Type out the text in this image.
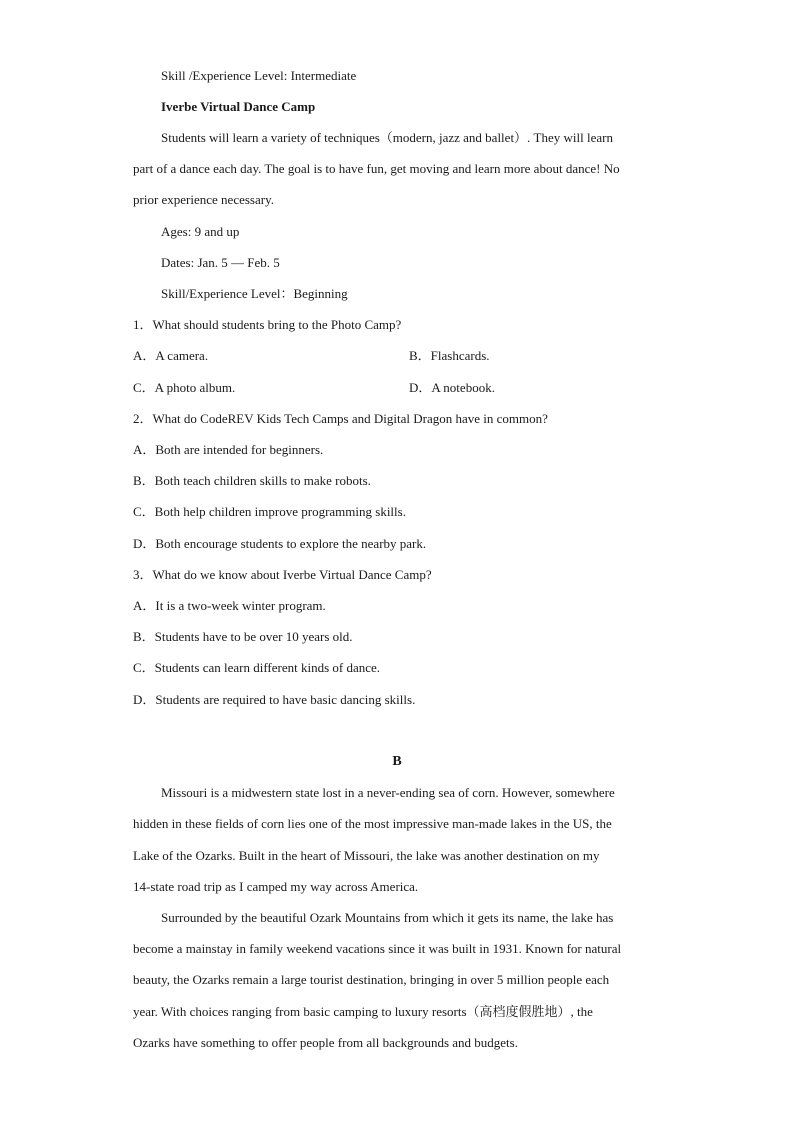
Skill /Experience Level: Intermediate
Iverbe Virtual Dance Camp
Students will learn a variety of techniques（modern, jazz and ballet）. They will learn
part of a dance each day. The goal is to have fun, get moving and learn more about dance! No
prior experience necessary.
Ages: 9 and up
Dates: Jan. 5 — Feb. 5
Skill/Experience Level：Beginning
1．What should students bring to the Photo Camp?
A．A camera.	B．Flashcards.
C．A photo album.	D．A notebook.
2．What do CodeREV Kids Tech Camps and Digital Dragon have in common?
A．Both are intended for beginners.
B．Both teach children skills to make robots.
C．Both help children improve programming skills.
D．Both encourage students to explore the nearby park.
3．What do we know about Iverbe Virtual Dance Camp?
A．It is a two-week winter program.
B．Students have to be over 10 years old.
C．Students can learn different kinds of dance.
D．Students are required to have basic dancing skills.
B
Missouri is a midwestern state lost in a never-ending sea of corn. However, somewhere
hidden in these fields of corn lies one of the most impressive man-made lakes in the US, the
Lake of the Ozarks. Built in the heart of Missouri, the lake was another destination on my
14-state road trip as I camped my way across America.
Surrounded by the beautiful Ozark Mountains from which it gets its name, the lake has
become a mainstay in family weekend vacations since it was built in 1931. Known for natural
beauty, the Ozarks remain a large tourist destination, bringing in over 5 million people each
year. With choices ranging from basic camping to luxury resorts（高档度假胜地）, the
Ozarks have something to offer people from all backgrounds and budgets.
